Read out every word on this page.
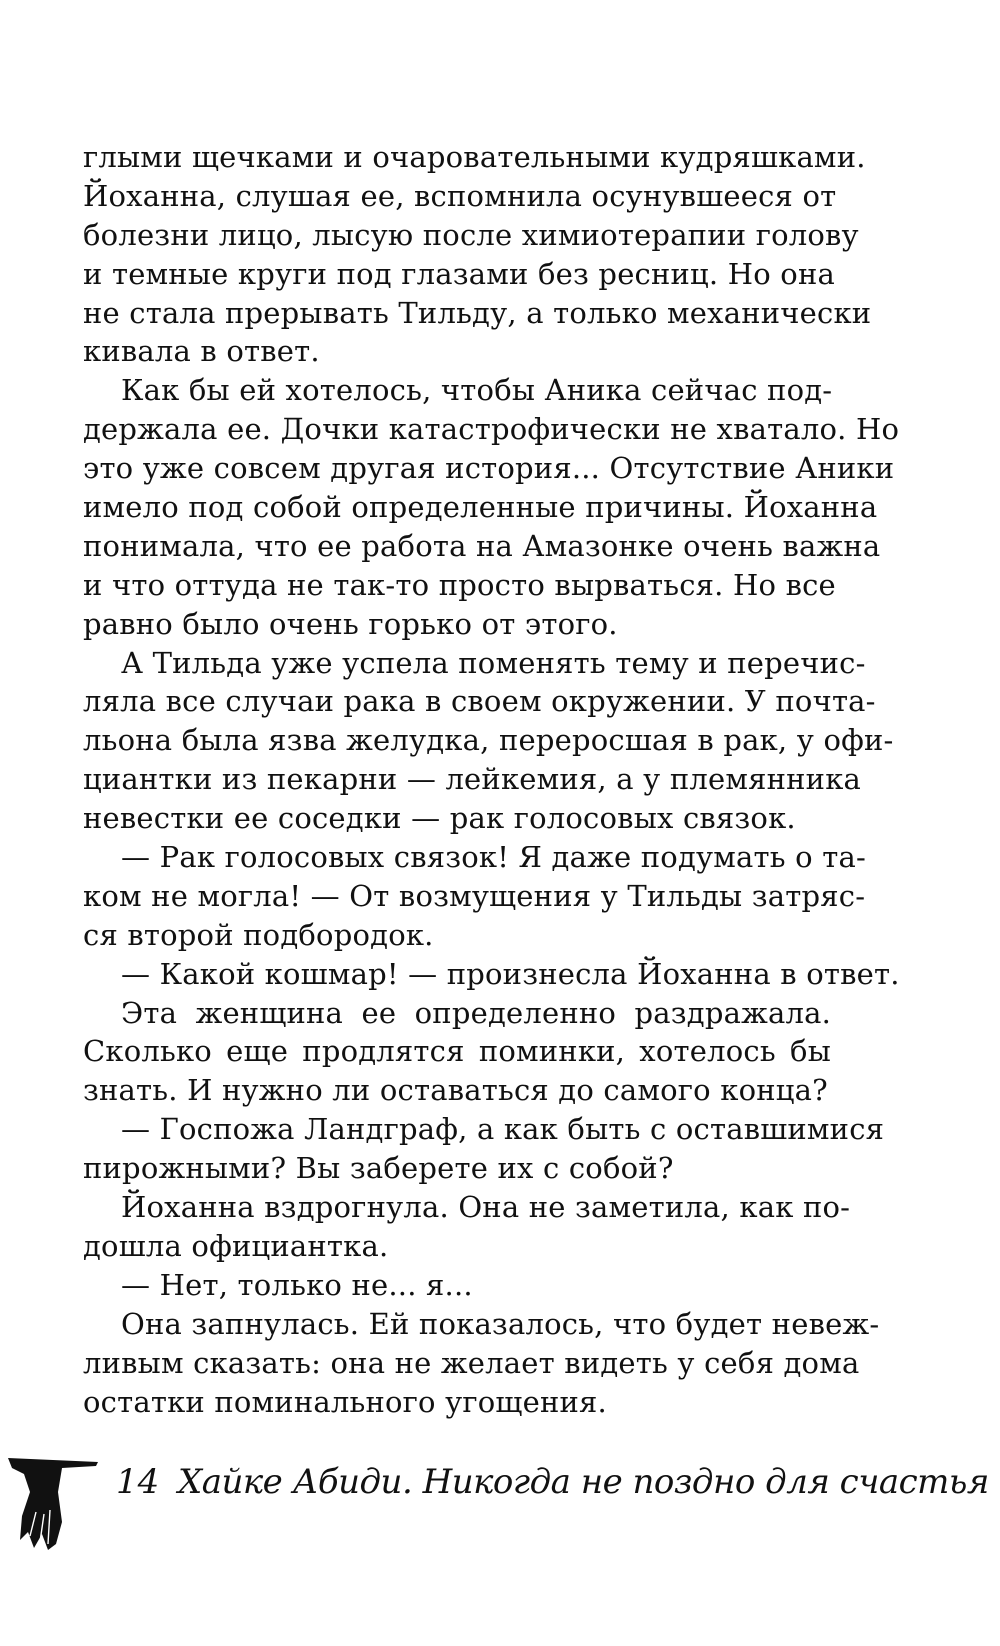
глыми щечками и очаровательными кудряшками.
Йоханна, слушая ее, вспомнила осунувшееся от
болезни лицо, лысую после химиотерапии голову
и темные круги под глазами без ресниц. Но она
не стала прерывать Тильду, а только механически
кивала в ответ.
Как бы ей хотелось, чтобы Аника сейчас под-
держала ее. Дочки катастрофически не хватало. Но
это уже совсем другая история... Отсутствие Аники
имело под собой определенные причины. Йоханна
понимала, что ее работа на Амазонке очень важна
и что оттуда не так-то просто вырваться. Но все
равно было очень горько от этого.
А Тильда уже успела поменять тему и перечис-
ляла все случаи рака в своем окружении. У почта-
льона была язва желудка, переросшая в рак, у офи-
циантки из пекарни — лейкемия, а у племянника
невестки ее соседки — рак голосовых связок.
— Рак голосовых связок! Я даже подумать о та-
ком не могла! — От возмущения у Тильды затряс-
ся второй подбородок.
— Какой кошмар! — произнесла Йоханна в ответ.
Эта женщина ее определенно раздражала.
Сколько еще продлятся поминки, хотелось бы
знать. И нужно ли оставаться до самого конца?
— Госпожа Ландграф, а как быть с оставшимися
пирожными? Вы заберете их с собой?
Йоханна вздрогнула. Она не заметила, как по-
дошла официантка.
— Нет, только не... я...
Она запнулась. Ей показалось, что будет невеж-
ливым сказать: она не желает видеть у себя дома
остатки поминального угощения.
14 Хайке Абиди. Никогда не поздно для счастья
